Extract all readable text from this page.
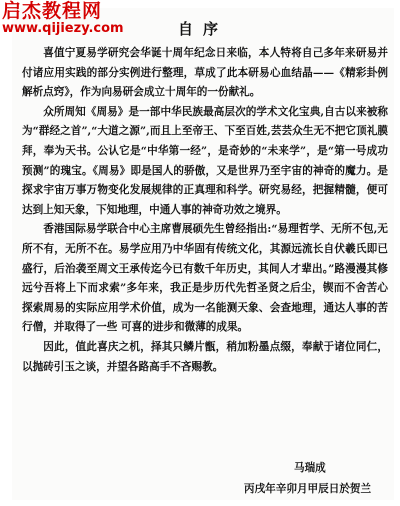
自序

喜值宁夏易学研究会华诞十周年纪念日来临，本人特将自己多年来研易并付诸应用实践的部分实例进行整理，草成了此本研易心血结晶——《精彩卦例解析点窍》，作为向易研会成立十周年的一份献礼。

众所周知《周易》是一部中华民族最高层次的学术文化宝典,自古以来被称为“群经之首”,“大道之源”,而且上至帝王、下至百姓,芸芸众生无不把它顶礼膜拜，奉为天书。公认它是“中华第一经”，是奇妙的“未来学”，是“第一号成功预测”的瑰宝。《周易》即是国人的骄傲，又是世界乃至宇宙的神奇的魔力。是探求宇宙万事万物变化发展规律的正真理和科学。研究易经，把握精髓，便可达到上知天象，下知地理，中通人事的神奇功效之境界。

香港国际易学联合中心主席曹展硕先生曾经指出:“易理哲学、无所不包,无所不有，无所不在。易学应用乃中华固有传统文化，其源远流长自伏羲氏即已盛行，后治袭至周文王承传迄今已有数千年历史，其间人才辈出。”路漫漫其修远兮吾将上下而求索”多年来，我正是步历代先哲圣贤之后尘，锲而不舍苦心探索周易的实际应用学术价值，成为一名能测天象、会查地理，通达人事的苦行僧，并取得了一些 可喜的进步和微薄的成果。

因此，值此喜庆之机，择其只鳞片甑，稍加粉墨点缀，奉献于诸位同仁，以抛砖引玉之谈，并望各路高手不吝赐教。

马瑞成
丙戌年辛卯月甲辰日於贺兰
启杰教程网
www.qijiezy.com
